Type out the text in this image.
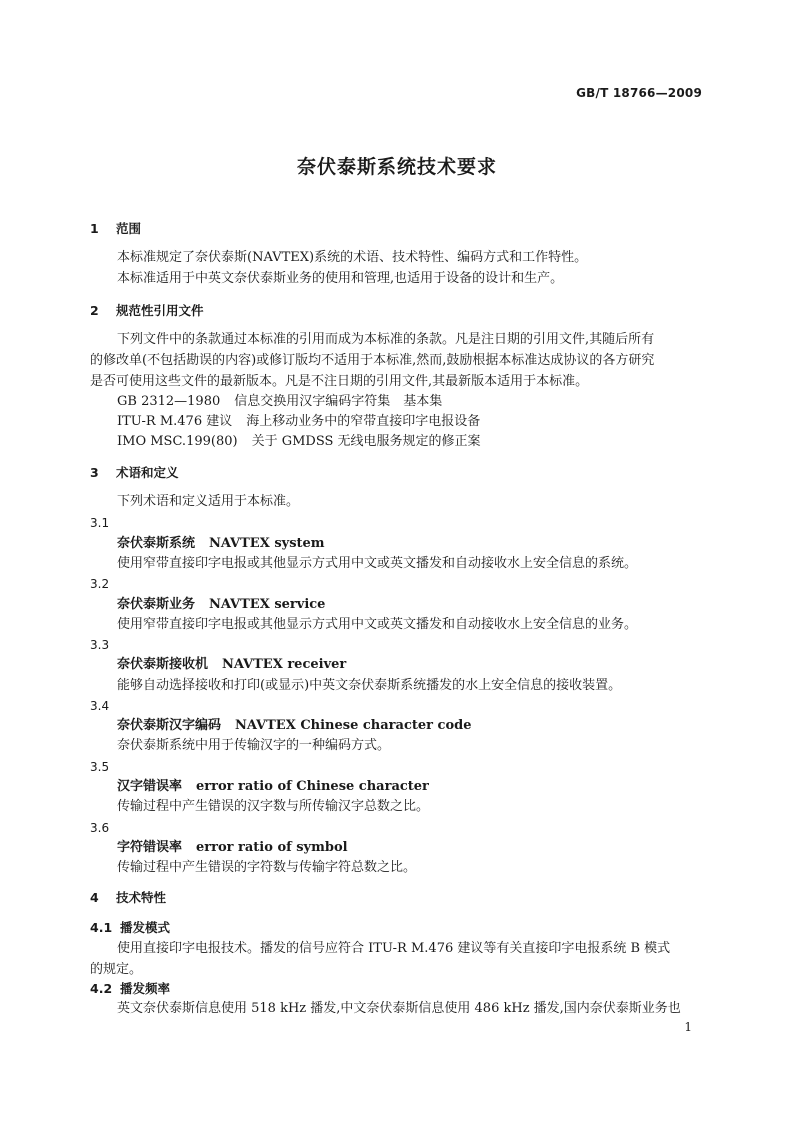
GB/T 18766—2009
奈伏泰斯系统技术要求
1 范围
本标准规定了奈伏泰斯(NAVTEX)系统的术语、技术特性、编码方式和工作特性。
本标准适用于中英文奈伏泰斯业务的使用和管理,也适用于设备的设计和生产。
2 规范性引用文件
下列文件中的条款通过本标准的引用而成为本标准的条款。凡是注日期的引用文件,其随后所有
的修改单(不包括勘误的内容)或修订版均不适用于本标准,然而,鼓励根据本标准达成协议的各方研究
是否可使用这些文件的最新版本。凡是不注日期的引用文件,其最新版本适用于本标准。
GB 2312—1980 信息交换用汉字编码字符集　基本集
ITU-R M.476 建议 海上移动业务中的窄带直接印字电报设备
IMO MSC.199(80) 关于 GMDSS 无线电服务规定的修正案
3 术语和定义
下列术语和定义适用于本标准。
3.1
奈伏泰斯系统 NAVTEX system
使用窄带直接印字电报或其他显示方式用中文或英文播发和自动接收水上安全信息的系统。
3.2
奈伏泰斯业务 NAVTEX service
使用窄带直接印字电报或其他显示方式用中文或英文播发和自动接收水上安全信息的业务。
3.3
奈伏泰斯接收机 NAVTEX receiver
能够自动选择接收和打印(或显示)中英文奈伏泰斯系统播发的水上安全信息的接收装置。
3.4
奈伏泰斯汉字编码 NAVTEX Chinese character code
奈伏泰斯系统中用于传输汉字的一种编码方式。
3.5
汉字错误率 error ratio of Chinese character
传输过程中产生错误的汉字数与所传输汉字总数之比。
3.6
字符错误率 error ratio of symbol
传输过程中产生错误的字符数与传输字符总数之比。
4 技术特性
4.1 播发模式
使用直接印字电报技术。播发的信号应符合 ITU-R M.476 建议等有关直接印字电报系统 B 模式
的规定。
4.2 播发频率
英文奈伏泰斯信息使用 518 kHz 播发,中文奈伏泰斯信息使用 486 kHz 播发,国内奈伏泰斯业务也
1
